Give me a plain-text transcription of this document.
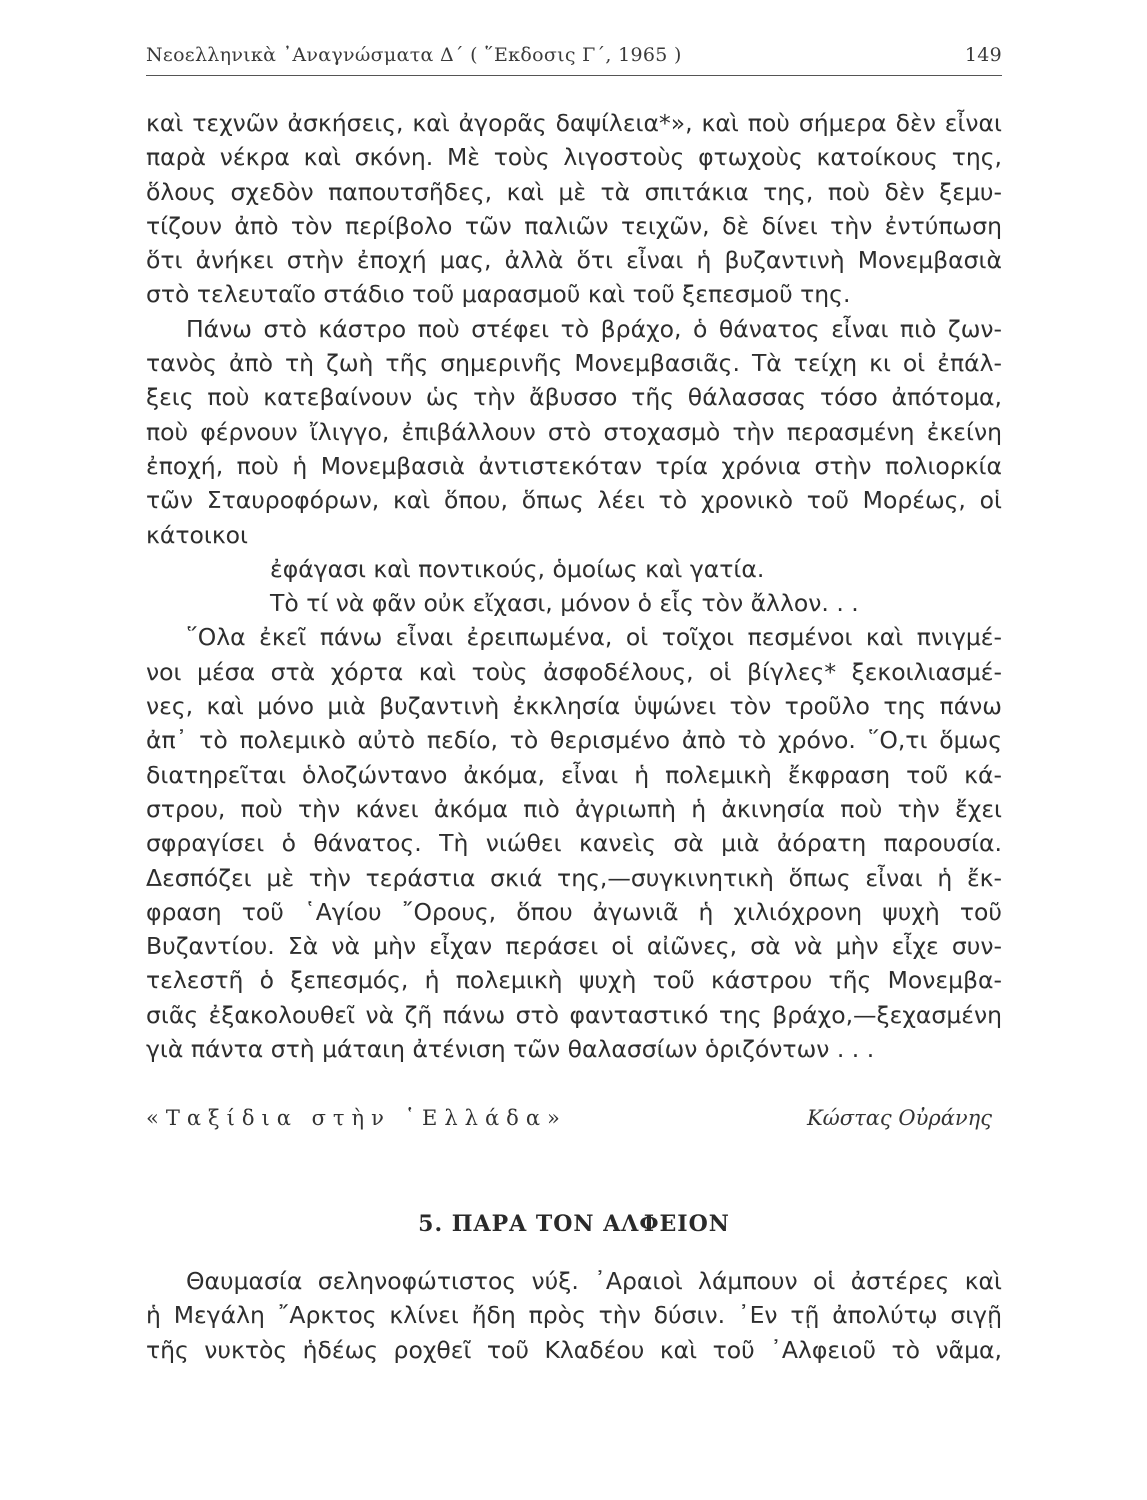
Νεοελληνικὰ ᾿Αναγνώσματα Δ΄ ( ῞Εκδοσις Γ΄, 1965 )	149
καὶ τεχνῶν ἀσκήσεις, καὶ ἀγορᾶς δαψίλεια*», καὶ ποὺ σήμερα δὲν εἶναι
παρὰ νέκρα καὶ σκόνη. Μὲ τοὺς λιγοστοὺς φτωχοὺς κατοίκους της,
ὅλους σχεδὸν παπουτσῆδες, καὶ μὲ τὰ σπιτάκια της, ποὺ δὲν ξεμυ-
τίζουν ἀπὸ τὸν περίβολο τῶν παλιῶν τειχῶν, δὲ δίνει τὴν ἐντύπωση
ὅτι ἀνήκει στὴν ἐποχή μας, ἀλλὰ ὅτι εἶναι ἡ βυζαντινὴ Μονεμβασιὰ
στὸ τελευταῖο στάδιο τοῦ μαρασμοῦ καὶ τοῦ ξεπεσμοῦ της.
Πάνω στὸ κάστρο ποὺ στέφει τὸ βράχο, ὁ θάνατος εἶναι πιὸ ζων-
τανὸς ἀπὸ τὴ ζωὴ τῆς σημερινῆς Μονεμβασιᾶς. Τὰ τείχη κι οἱ ἐπάλ-
ξεις ποὺ κατεβαίνουν ὡς τὴν ἄβυσσο τῆς θάλασσας τόσο ἀπότομα,
ποὺ φέρνουν ἴλιγγο, ἐπιβάλλουν στὸ στοχασμὸ τὴν περασμένη ἐκείνη
ἐποχή, ποὺ ἡ Μονεμβασιὰ ἀντιστεκόταν τρία χρόνια στὴν πολιορκία
τῶν Σταυροφόρων, καὶ ὅπου, ὅπως λέει τὸ χρονικὸ τοῦ Μορέως, οἱ
κάτοικοι
ἐφάγασι καὶ ποντικούς, ὁμοίως καὶ γατία.
Τὸ τί νὰ φᾶν οὐκ εἴχασι, μόνον ὁ εἷς τὸν ἄλλον. . .
῞Ολα ἐκεῖ πάνω εἶναι ἐρειπωμένα, οἱ τοῖχοι πεσμένοι καὶ πνιγμέ-
νοι μέσα στὰ χόρτα καὶ τοὺς ἀσφοδέλους, οἱ βίγλες* ξεκοιλιασμέ-
νες, καὶ μόνο μιὰ βυζαντινὴ ἐκκλησία ὑψώνει τὸν τροῦλο της πάνω
ἀπ᾿ τὸ πολεμικὸ αὐτὸ πεδίο, τὸ θερισμένο ἀπὸ τὸ χρόνο. ῞Ο,τι ὅμως
διατηρεῖται ὁλοζώντανο ἀκόμα, εἶναι ἡ πολεμικὴ ἔκφραση τοῦ κά-
στρου, ποὺ τὴν κάνει ἀκόμα πιὸ ἀγριωπὴ ἡ ἀκινησία ποὺ τὴν ἔχει
σφραγίσει ὁ θάνατος. Τὴ νιώθει κανεὶς σὰ μιὰ ἀόρατη παρουσία.
Δεσπόζει μὲ τὴν τεράστια σκιά της,—συγκινητικὴ ὅπως εἶναι ἡ ἔκ-
φραση τοῦ ῾Αγίου ῎Ορους, ὅπου ἀγωνιᾶ ἡ χιλιόχρονη ψυχὴ τοῦ
Βυζαντίου. Σὰ νὰ μὴν εἶχαν περάσει οἱ αἰῶνες, σὰ νὰ μὴν εἶχε συν-
τελεστῆ ὁ ξεπεσμός, ἡ πολεμικὴ ψυχὴ τοῦ κάστρου τῆς Μονεμβα-
σιᾶς ἐξακολουθεῖ νὰ ζῆ πάνω στὸ φανταστικό της βράχο,—ξεχασμένη
γιὰ πάντα στὴ μάταιη ἀτένιση τῶν θαλασσίων ὁριζόντων . . .
«Ταξίδια στὴν ῾Ελλάδα»	Κώστας Οὐράνης
5. ΠΑΡΑ ΤΟΝ ΑΛΦΕΙΟΝ
Θαυμασία σεληνοφώτιστος νύξ. ᾿Αραιοὶ λάμπουν οἱ ἀστέρες καὶ
ἡ Μεγάλη ῎Αρκτος κλίνει ἤδη πρὸς τὴν δύσιν. ᾿Εν τῇ ἀπολύτῳ σιγῇ
τῆς νυκτὸς ἡδέως ροχθεῖ τοῦ Κλαδέου καὶ τοῦ ᾿Αλφειοῦ τὸ νᾶμα,
